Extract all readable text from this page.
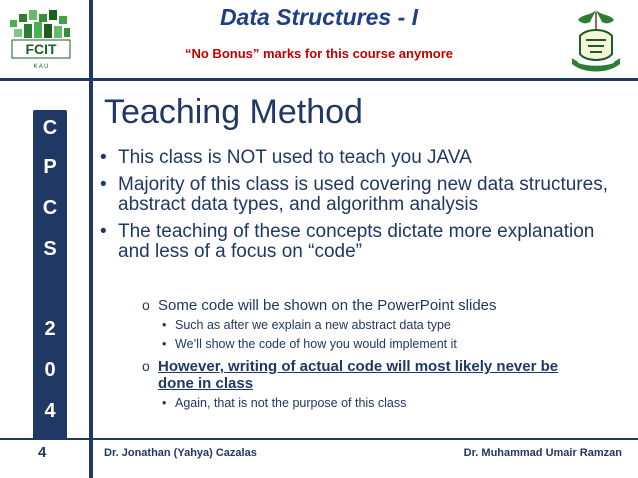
FCIT
K A U
Data Structures - I
“No Bonus” marks for this course anymore
C
P
C
S
2
0
4
Teaching Method
• This class is NOT used to teach you JAVA
• Majority of this class is used covering new data structures, abstract data types, and algorithm analysis
• The teaching of these concepts dictate more explanation and less of a focus on “code”
o Some code will be shown on the PowerPoint slides
• Such as after we explain a new abstract data type
• We’ll show the code of how you would implement it
o However, writing of actual code will most likely never be done in class
• Again, that is not the purpose of this class
4	Dr. Jonathan (Yahya) Cazalas	Dr. Muhammad Umair Ramzan
